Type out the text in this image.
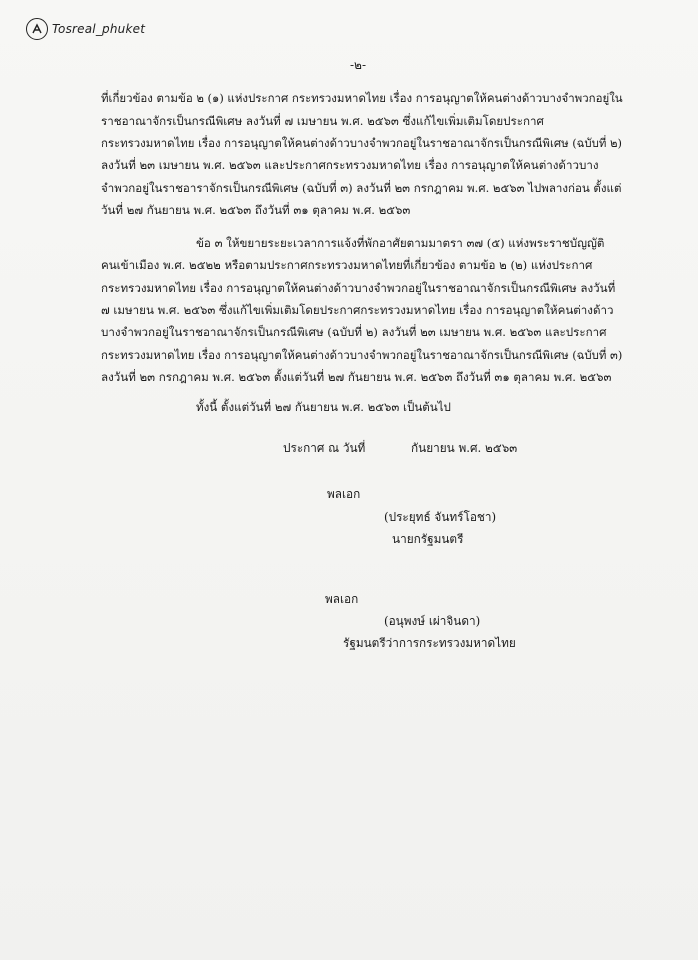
Tosreal_phuket
-๒-
ที่เกี่ยวข้อง ตามข้อ ๒ (๑) แห่งประกาศ กระทรวงมหาดไทย เรื่อง การอนุญาตให้คนต่างด้าวบางจำพวกอยู่ใน
ราชอาณาจักรเป็นกรณีพิเศษ ลงวันที่ ๗ เมษายน พ.ศ. ๒๕๖๓ ซึ่งแก้ไขเพิ่มเติมโดยประกาศ
กระทรวงมหาดไทย เรื่อง การอนุญาตให้คนต่างด้าวบางจำพวกอยู่ในราชอาณาจักรเป็นกรณีพิเศษ (ฉบับที่ ๒)
ลงวันที่ ๒๓ เมษายน พ.ศ. ๒๕๖๓ และประกาศกระทรวงมหาดไทย เรื่อง การอนุญาตให้คนต่างด้าวบาง
จำพวกอยู่ในราชอาราจักรเป็นกรณีพิเศษ (ฉบับที่ ๓) ลงวันที่ ๒๓ กรกฎาคม พ.ศ. ๒๕๖๓ ไปพลางก่อน ตั้งแต่
วันที่ ๒๗ กันยายน พ.ศ. ๒๕๖๓ ถึงวันที่ ๓๑ ตุลาคม พ.ศ. ๒๕๖๓
ข้อ ๓ ให้ขยายระยะเวลาการแจ้งที่พักอาศัยตามมาตรา ๓๗ (๕) แห่งพระราชบัญญัติ
คนเข้าเมือง พ.ศ. ๒๕๒๒ หรือตามประกาศกระทรวงมหาดไทยที่เกี่ยวข้อง ตามข้อ ๒ (๒) แห่งประกาศ
กระทรวงมหาดไทย เรื่อง การอนุญาตให้คนต่างด้าวบางจำพวกอยู่ในราชอาณาจักรเป็นกรณีพิเศษ ลงวันที่
๗ เมษายน พ.ศ. ๒๕๖๓ ซึ่งแก้ไขเพิ่มเติมโดยประกาศกระทรวงมหาดไทย เรื่อง การอนุญาตให้คนต่างด้าว
บางจำพวกอยู่ในราชอาณาจักรเป็นกรณีพิเศษ (ฉบับที่ ๒) ลงวันที่ ๒๓ เมษายน พ.ศ. ๒๕๖๓ และประกาศ
กระทรวงมหาดไทย เรื่อง การอนุญาตให้คนต่างด้าวบางจำพวกอยู่ในราชอาณาจักรเป็นกรณีพิเศษ (ฉบับที่ ๓)
ลงวันที่ ๒๓ กรกฎาคม พ.ศ. ๒๕๖๓ ตั้งแต่วันที่ ๒๗ กันยายน พ.ศ. ๒๕๖๓ ถึงวันที่ ๓๑ ตุลาคม พ.ศ. ๒๕๖๓
ทั้งนี้ ตั้งแต่วันที่ ๒๗ กันยายน พ.ศ. ๒๕๖๓ เป็นต้นไป
ประกาศ ณ วันที่	กันยายน พ.ศ. ๒๕๖๓
พลเอก
(ประยุทธ์ จันทร์โอชา)
นายกรัฐมนตรี
พลเอก
(อนุพงษ์ เผ่าจินดา)
รัฐมนตรีว่าการกระทรวงมหาดไทย
